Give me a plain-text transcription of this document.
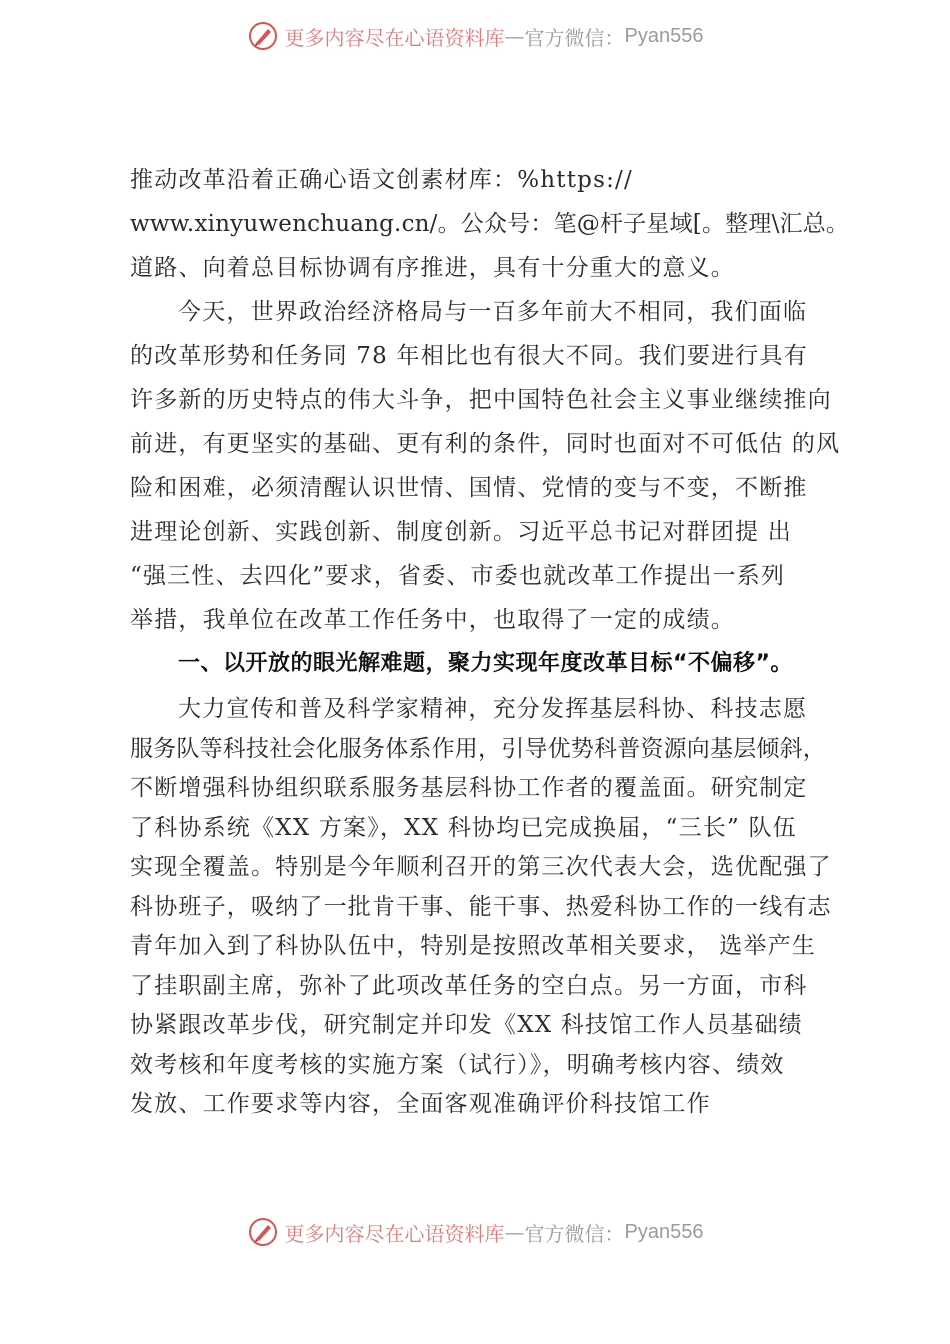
更多内容尽在心语资料库 — 官方微信： Pyan556
推动改革沿着正确心语文创素材库：%https://
www.xinyuwenchuang.cn/。公众号：笔@杆子星域[。整理\汇总。
道路、向着总目标协调有序推进，具有十分重大的意义。
今天，世界政治经济格局与一百多年前大不相同，我们面临
的改革形势和任务同 78 年相比也有很大不同。我们要进行具有
许多新的历史特点的伟大斗争，把中国特色社会主义事业继续推向
前进，有更坚实的基础、更有利的条件，同时也面对不可低估 的风
险和困难，必须清醒认识世情、国情、党情的变与不变，不断推
进理论创新、实践创新、制度创新。习近平总书记对群团提 出
“强三性、去四化”要求，省委、市委也就改革工作提出一系列
举措，我单位在改革工作任务中，也取得了一定的成绩。
一、以开放的眼光解难题，聚力实现年度改革目标“不偏移”。
大力宣传和普及科学家精神，充分发挥基层科协、科技志愿
服务队等科技社会化服务体系作用，引导优势科普资源向基层倾斜，
不断增强科协组织联系服务基层科协工作者的覆盖面。研究制定
了科协系统《XX 方案》，XX 科协均已完成换届，“三长” 队伍
实现全覆盖。特别是今年顺利召开的第三次代表大会，选优配强了
科协班子，吸纳了一批肯干事、能干事、热爱科协工作的一线有志
青年加入到了科协队伍中，特别是按照改革相关要求， 选举产生
了挂职副主席，弥补了此项改革任务的空白点。另一方面，市科
协紧跟改革步伐，研究制定并印发《XX 科技馆工作人员基础绩
效考核和年度考核的实施方案（试行）》，明确考核内容、绩效
发放、工作要求等内容，全面客观准确评价科技馆工作
更多内容尽在心语资料库 — 官方微信： Pyan556
